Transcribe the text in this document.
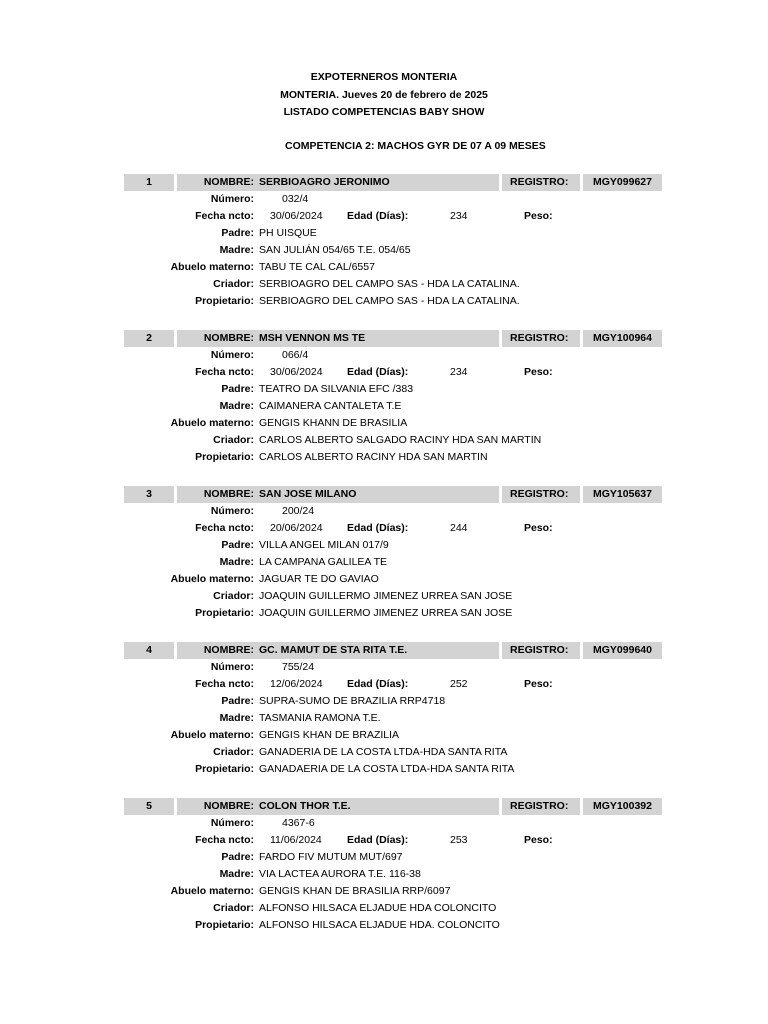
EXPOTERNEROS MONTERIA
MONTERIA. Jueves 20 de febrero de 2025
LISTADO COMPETENCIAS BABY SHOW
COMPETENCIA 2: MACHOS GYR DE 07 A 09 MESES
1	NOMBRE: SERBIOAGRO JERONIMO	REGISTRO:	MGY099627
Número:	032/4
Fecha ncto: 30/06/2024 Edad (Días):	234	Peso:
Padre: PH UISQUE
Madre: SAN JULIÁN 054/65 T.E. 054/65
Abuelo materno: TABU TE CAL CAL/6557
Criador: SERBIOAGRO DEL CAMPO SAS - HDA LA CATALINA.
Propietario: SERBIOAGRO DEL CAMPO SAS - HDA LA CATALINA.
2	NOMBRE: MSH VENNON MS TE	REGISTRO:	MGY100964
Número:	066/4
Fecha ncto: 30/06/2024 Edad (Días):	234	Peso:
Padre: TEATRO DA SILVANIA EFC /383
Madre: CAIMANERA CANTALETA T.E
Abuelo materno: GENGIS KHANN DE BRASILIA
Criador: CARLOS ALBERTO SALGADO RACINY HDA SAN MARTIN
Propietario: CARLOS ALBERTO RACINY HDA SAN MARTIN
3	NOMBRE: SAN JOSE MILANO	REGISTRO:	MGY105637
Número:	200/24
Fecha ncto: 20/06/2024 Edad (Días):	244	Peso:
Padre: VILLA ANGEL MILAN 017/9
Madre: LA CAMPANA GALILEA TE
Abuelo materno: JAGUAR TE DO GAVIAO
Criador: JOAQUIN GUILLERMO JIMENEZ URREA SAN JOSE
Propietario: JOAQUIN GUILLERMO JIMENEZ URREA SAN JOSE
4	NOMBRE: GC. MAMUT DE STA RITA T.E.	REGISTRO:	MGY099640
Número:	755/24
Fecha ncto: 12/06/2024 Edad (Días):	252	Peso:
Padre: SUPRA-SUMO DE BRAZILIA RRP4718
Madre: TASMANIA RAMONA T.E.
Abuelo materno: GENGIS KHAN DE BRAZILIA
Criador: GANADERIA DE LA COSTA LTDA-HDA SANTA RITA
Propietario: GANADAERIA DE LA COSTA LTDA-HDA SANTA RITA
5	NOMBRE: COLON THOR T.E.	REGISTRO:	MGY100392
Número:	4367-6
Fecha ncto: 11/06/2024 Edad (Días):	253	Peso:
Padre: FARDO FIV MUTUM MUT/697
Madre: VIA LACTEA AURORA T.E. 116-38
Abuelo materno: GENGIS KHAN DE BRASILIA RRP/6097
Criador: ALFONSO HILSACA ELJADUE HDA COLONCITO
Propietario: ALFONSO HILSACA ELJADUE HDA. COLONCITO
